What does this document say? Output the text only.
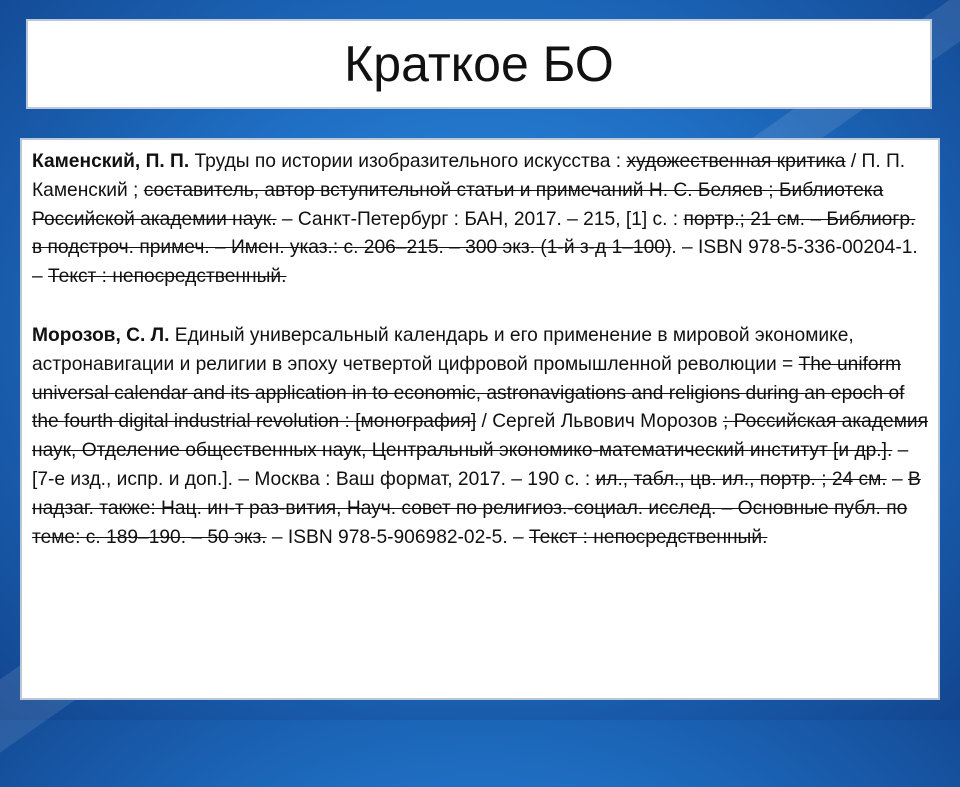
Краткое БО

Каменский, П. П. Труды по истории изобразительного искусства : художественная критика / П. П. Каменский ; составитель, автор вступительной статьи и примечаний Н. С. Беляев ; Библиотека Российской академии наук. – Санкт-Петербург : БАН, 2017. – 215, [1] с. : портр.; 21 см. – Библиогр. в подстроч. примеч. – Имен. указ.: с. 206–215. – 300 экз. (1-й з-д 1–100). – ISBN 978-5-336-00204-1. – Текст : непосредственный.

Морозов, С. Л. Единый универсальный календарь и его применение в мировой экономике, астронавигации и религии в эпоху четвертой цифровой промышленной революции = The uniform universal calendar and its application in to economic, astronavigations and religions during an epoch of the fourth digital industrial revolution : [монография] / Сергей Львович Морозов ; Российская академия наук, Отделение общественных наук, Центральный экономико-математический институт [и др.]. – [7-е изд., испр. и доп.]. – Москва : Ваш формат, 2017. – 190 с. : ил., табл., цв. ил., портр. ; 24 см. – В надзаг. также: Нац. ин-т раз-вития, Науч. совет по религиоз.-социал. исслед. – Основные публ. по теме: с. 189–190. – 50 экз. – ISBN 978-5-906982-02-5. – Текст : непосредственный.
